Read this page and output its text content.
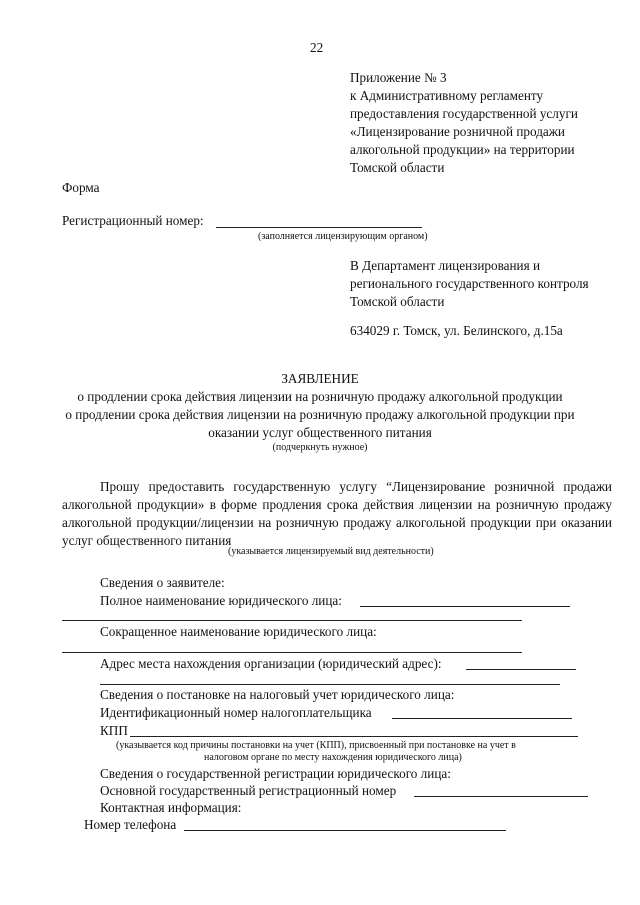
22
Приложение № 3
к Административному регламенту
предоставления государственной услуги
«Лицензирование розничной продажи
алкогольной продукции» на территории
Томской области
Форма
Регистрационный номер:
(заполняется лицензирующим органом)
В Департамент лицензирования и
регионального государственного контроля
Томской области
634029 г. Томск, ул. Белинского, д.15а
ЗАЯВЛЕНИЕ
о продлении срока действия лицензии на розничную продажу алкогольной продукции
о продлении срока действия лицензии на розничную продажу алкогольной продукции при
оказании услуг общественного питания
(подчеркнуть нужное)
Прошу предоставить государственную услугу “Лицензирование розничной продажи алкогольной продукции» в форме продления срока действия лицензии на розничную продажу алкогольной продукции/лицензии на розничную продажу алкогольной продукции при оказании услуг общественного питания
(указывается лицензируемый вид деятельности)
Сведения о заявителе:
Полное наименование юридического лица:
Сокращенное наименование юридического лица:
Адрес места нахождения организации (юридический адрес):
Сведения о постановке на налоговый учет юридического лица:
Идентификационный номер налогоплательщика
КПП
(указывается код причины постановки на учет (КПП), присвоенный при постановке на учет в
налоговом органе по месту нахождения юридического лица)
Сведения о государственной регистрации юридического лица:
Основной государственный регистрационный номер
Контактная информация:
Номер телефона
